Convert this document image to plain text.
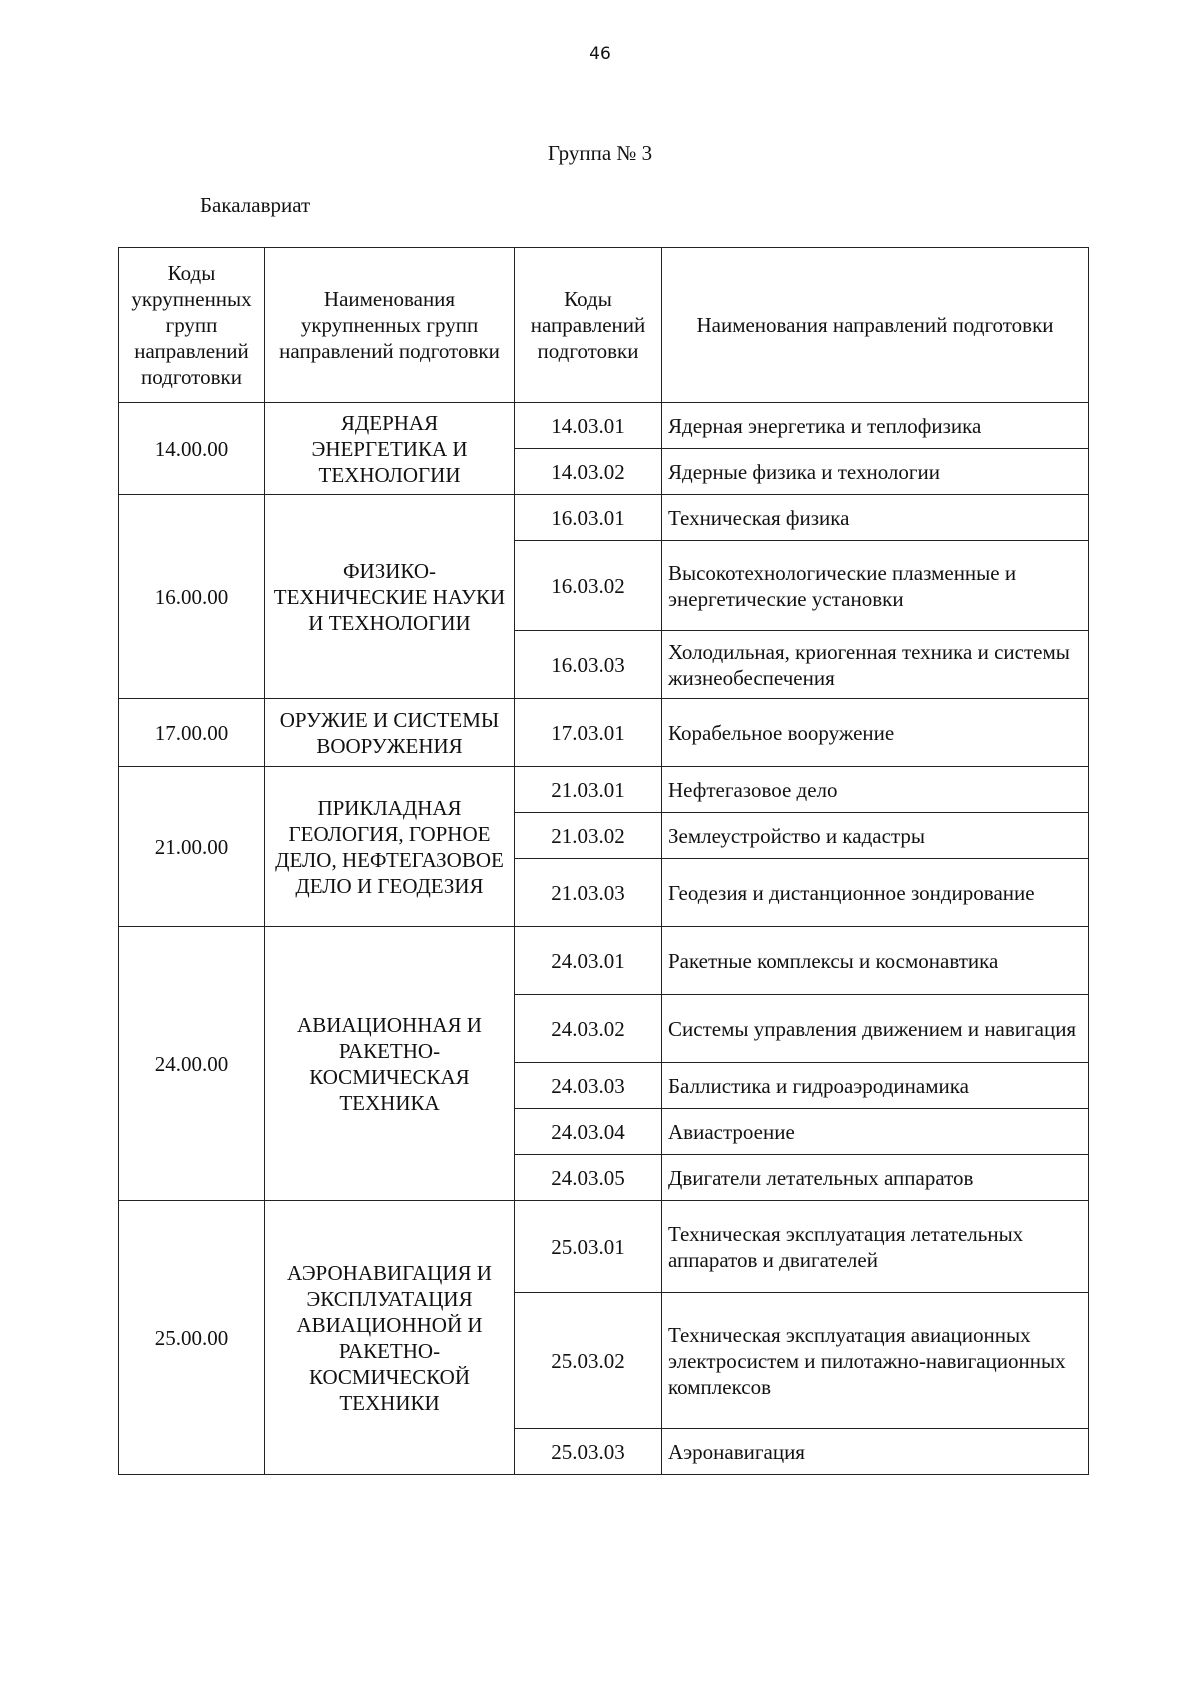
46
Группа № 3
Бакалавриат
Коды укрупненных групп направлений подготовки	Наименования укрупненных групп направлений подготовки	Коды направлений подготовки	Наименования направлений подготовки
14.00.00	ЯДЕРНАЯ ЭНЕРГЕТИКА И ТЕХНОЛОГИИ	14.03.01	Ядерная энергетика и теплофизика
		14.03.02	Ядерные физика и технологии
16.00.00	ФИЗИКО-ТЕХНИЧЕСКИЕ НАУКИ И ТЕХНОЛОГИИ	16.03.01	Техническая физика
		16.03.02	Высокотехнологические плазменные и энергетические установки
		16.03.03	Холодильная, криогенная техника и системы жизнеобеспечения
17.00.00	ОРУЖИЕ И СИСТЕМЫ ВООРУЖЕНИЯ	17.03.01	Корабельное вооружение
21.00.00	ПРИКЛАДНАЯ ГЕОЛОГИЯ, ГОРНОЕ ДЕЛО, НЕФТЕГАЗОВОЕ ДЕЛО И ГЕОДЕЗИЯ	21.03.01	Нефтегазовое дело
		21.03.02	Землеустройство и кадастры
		21.03.03	Геодезия и дистанционное зондирование
24.00.00	АВИАЦИОННАЯ И РАКЕТНО-КОСМИЧЕСКАЯ ТЕХНИКА	24.03.01	Ракетные комплексы и космонавтика
		24.03.02	Системы управления движением и навигация
		24.03.03	Баллистика и гидроаэродинамика
		24.03.04	Авиастроение
		24.03.05	Двигатели летательных аппаратов
25.00.00	АЭРОНАВИГАЦИЯ И ЭКСПЛУАТАЦИЯ АВИАЦИОННОЙ И РАКЕТНО-КОСМИЧЕСКОЙ ТЕХНИКИ	25.03.01	Техническая эксплуатация летательных аппаратов и двигателей
		25.03.02	Техническая эксплуатация авиационных электросистем и пилотажно-навигационных комплексов
		25.03.03	Аэронавигация
